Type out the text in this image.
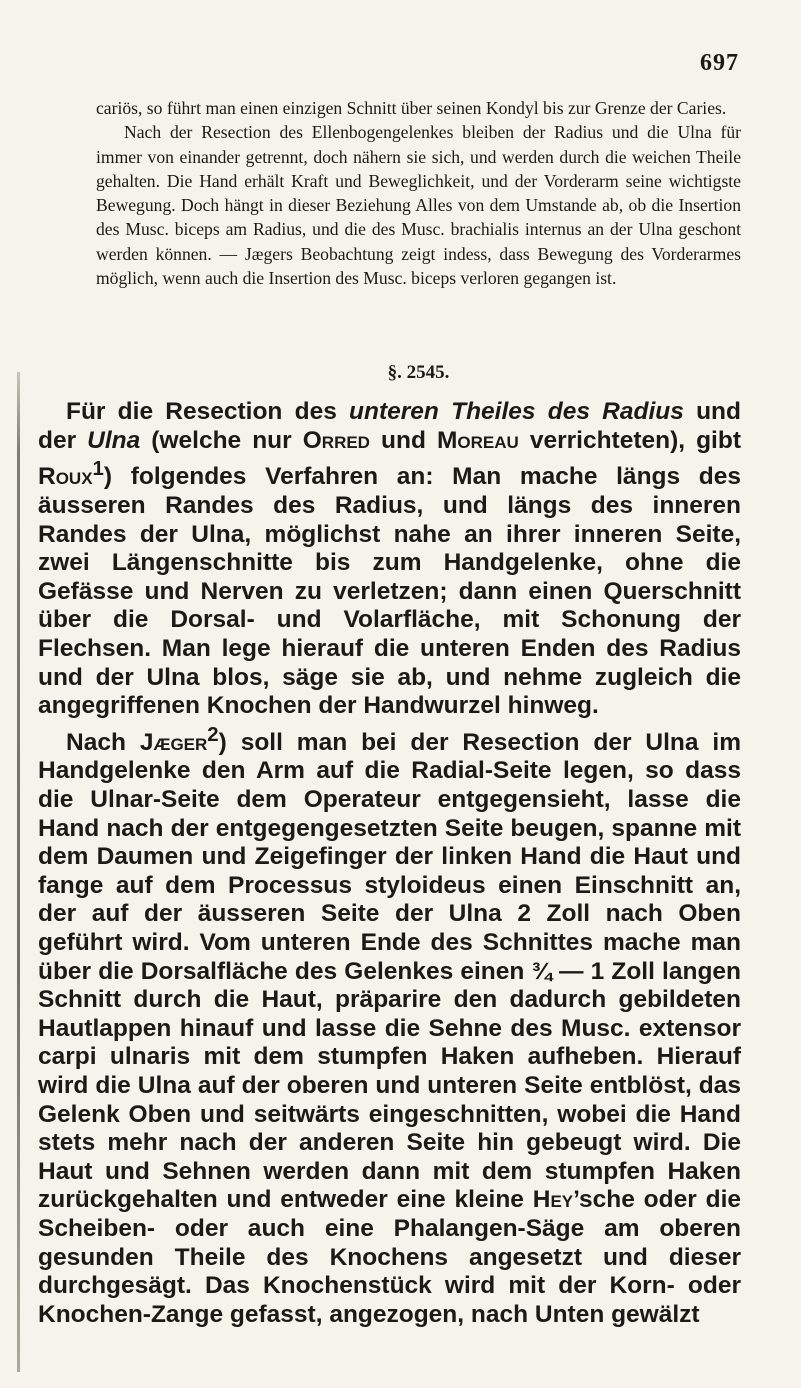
697

cariös, so führt man einen einzigen Schnitt über seinen Kondyl bis zur Grenze der Caries.

Nach der Resection des Ellenbogengelenkes bleiben der Radius und die Ulna für immer von einander getrennt, doch nähern sie sich, und werden durch die weichen Theile gehalten. Die Hand erhält Kraft und Beweglichkeit, und der Vorderarm seine wichtigste Bewegung. Doch hängt in dieser Beziehung Alles von dem Umstande ab, ob die Insertion des Musc. biceps am Radius, und die des Musc. brachialis internus an der Ulna geschont werden können. — Jægers Beobachtung zeigt indess, dass Bewegung des Vorderarmes möglich, wenn auch die Insertion des Musc. biceps verloren gegangen ist.

§. 2545.

Für die Resection des unteren Theiles des Radius und der Ulna (welche nur Orred und Moreau verrichteten), gibt Roux$^1$) folgendes Verfahren an: Man mache längs des äusseren Randes des Radius, und längs des inneren Randes der Ulna, möglichst nahe an ihrer inneren Seite, zwei Längenschnitte bis zum Handgelenke, ohne die Gefässe und Nerven zu verletzen; dann einen Querschnitt über die Dorsal- und Volarfläche, mit Schonung der Flechsen. Man lege hierauf die unteren Enden des Radius und der Ulna blos, säge sie ab, und nehme zugleich die angegriffenen Knochen der Handwurzel hinweg.

Nach Jæger$^2$) soll man bei der Resection der Ulna im Handgelenke den Arm auf die Radial-Seite legen, so dass die Ulnar-Seite dem Operateur entgegensieht, lasse die Hand nach der entgegengesetzten Seite beugen, spanne mit dem Daumen und Zeigefinger der linken Hand die Haut und fange auf dem Processus styloideus einen Einschnitt an, der auf der äusseren Seite der Ulna 2 Zoll nach Oben geführt wird. Vom unteren Ende des Schnittes mache man über die Dorsalfläche des Gelenkes einen ¾ — 1 Zoll langen Schnitt durch die Haut, präparire den dadurch gebildeten Hautlappen hinauf und lasse die Sehne des Musc. extensor carpi ulnaris mit dem stumpfen Haken aufheben. Hierauf wird die Ulna auf der oberen und unteren Seite entblöst, das Gelenk Oben und seitwärts eingeschnitten, wobei die Hand stets mehr nach der anderen Seite hin gebeugt wird. Die Haut und Sehnen werden dann mit dem stumpfen Haken zurückgehalten und entweder eine kleine Hey’sche oder die Scheiben- oder auch eine Phalangen-Säge am oberen gesunden Theile des Knochens angesetzt und dieser durchgesägt. Das Knochenstück wird mit der Korn- oder Knochen-Zange gefasst, angezogen, nach Unten gewälzt
